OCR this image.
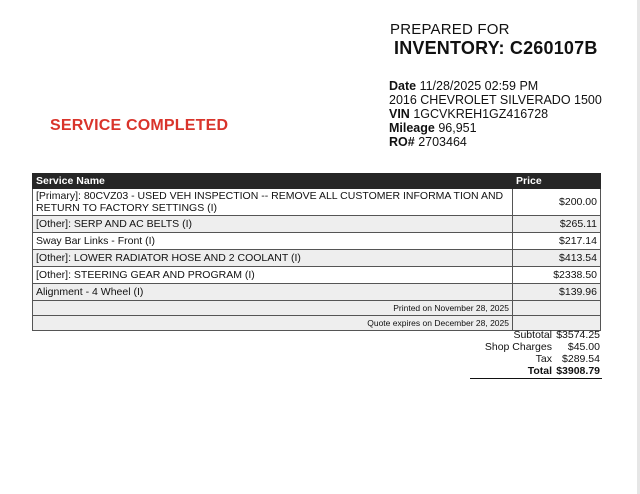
PREPARED FOR
INVENTORY: C260107B
Date 11/28/2025 02:59 PM
2016 CHEVROLET SILVERADO 1500
VIN 1GCVKREH1GZ416728
Mileage 96,951
RO# 2703464
SERVICE COMPLETED
Service Name	Price
[Primary]: 80CVZ03 - USED VEH INSPECTION -- REMOVE ALL CUSTOMER INFORMA TION AND RETURN TO FACTORY SETTINGS (I)	$200.00
[Other]: SERP AND AC BELTS (I)	$265.11
Sway Bar Links - Front (I)	$217.14
[Other]: LOWER RADIATOR HOSE AND 2 COOLANT (I)	$413.54
[Other]: STEERING GEAR AND PROGRAM (I)	$2338.50
Alignment - 4 Wheel (I)	$139.96
Printed on November 28, 2025	
Quote expires on December 28, 2025	
Subtotal	$3574.25
Shop Charges	$45.00
Tax	$289.54
Total	$3908.79
